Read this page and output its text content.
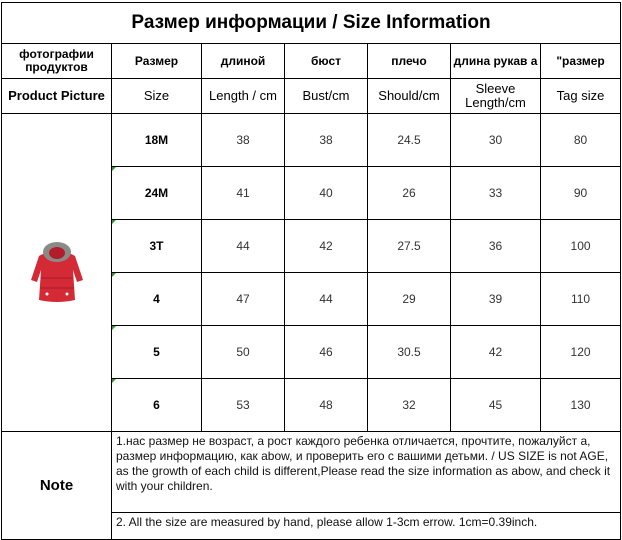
Размер информации / Size Information						
фотографии продуктов	Размер	длиной	бюст	плечо	длина рукав а	"размер
Product Picture	Size	Length / cm	Bust/cm	Should/cm	Sleeve Length/cm	Tag size
	18M	38	38	24.5	30	80

24M	41	40	26	33	90

3T	44	42	27.5	36	100

4	47	44	29	39	110

5	50	46	30.5	42	120

6	53	48	32	45	130
Note	1.нас размер не возраст, а рост каждого ребенка отличается, прочтите, пожалуйст а, размер информацию, как abow, и проверить его с вашими детьми. / US SIZE is not AGE, as the growth of each child is different,Please read the size information as abow, and check it with your children.					
	2. All the size are measured by hand, please allow 1-3cm errow. 1cm=0.39inch.					
